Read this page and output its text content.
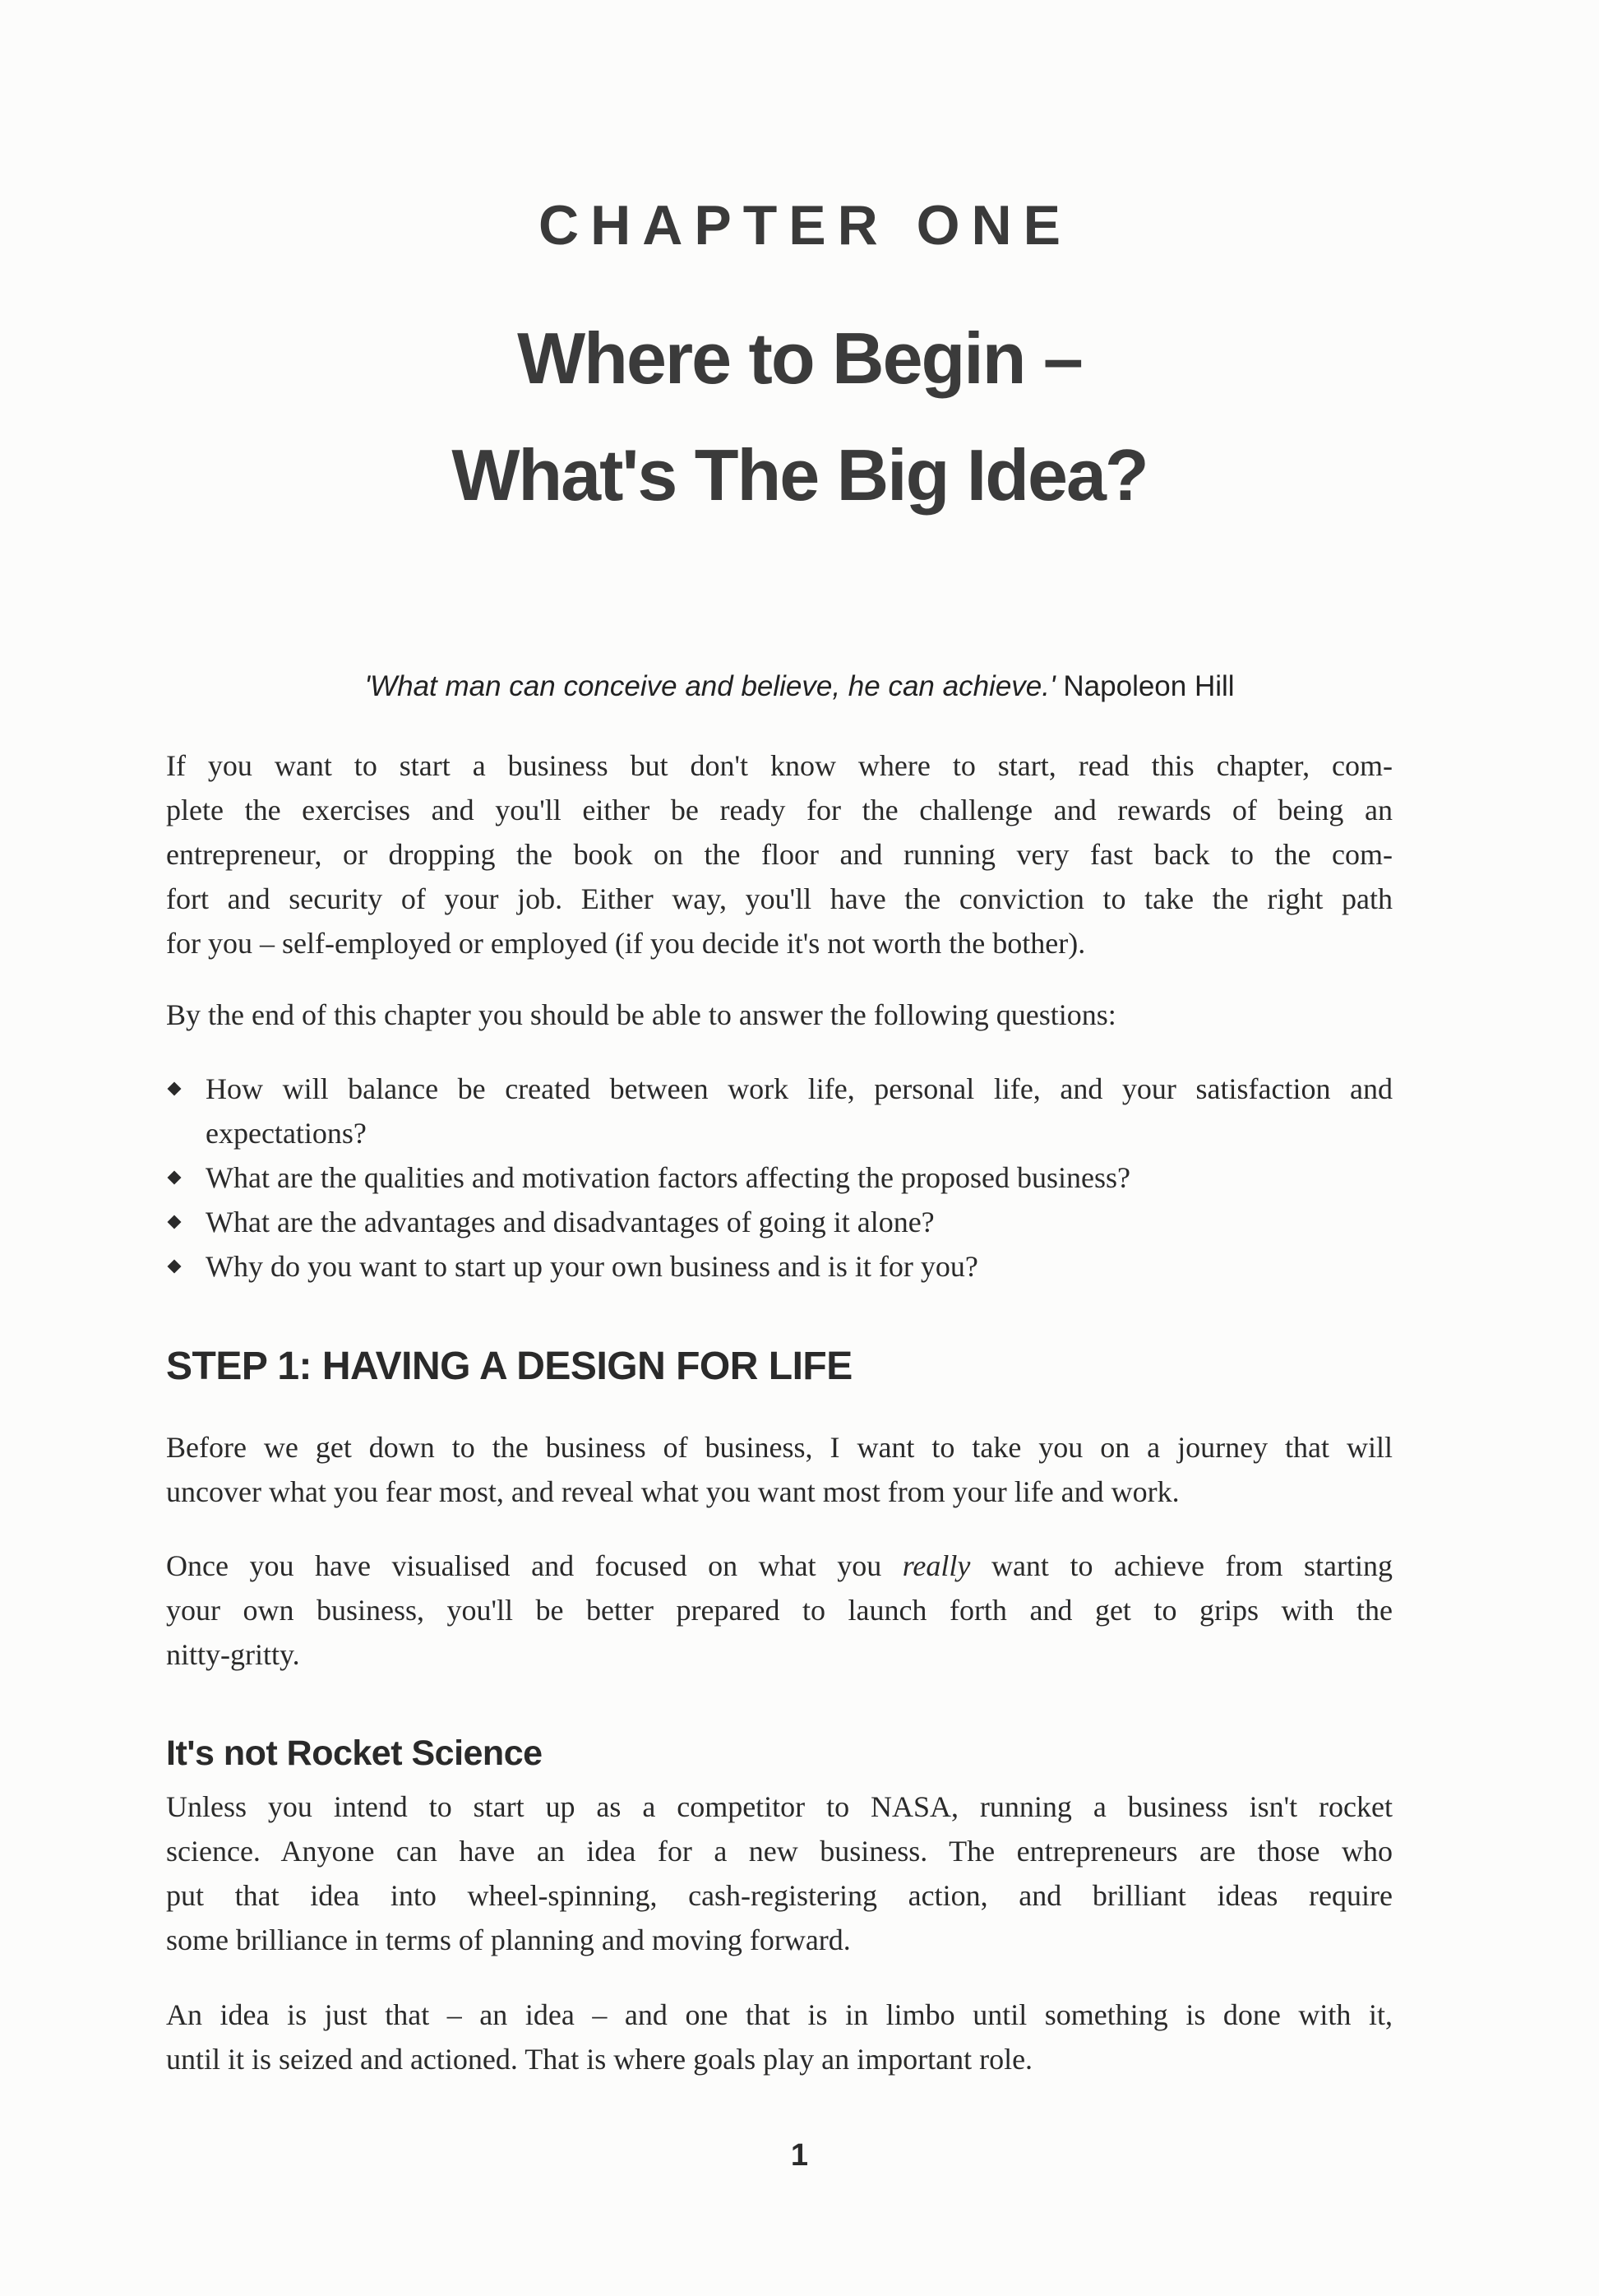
CHAPTER ONE
Where to Begin –
What's The Big Idea?
'What man can conceive and believe, he can achieve.' Napoleon Hill
If you want to start a business but don't know where to start, read this chapter, com-
plete the exercises and you'll either be ready for the challenge and rewards of being an
entrepreneur, or dropping the book on the floor and running very fast back to the com-
fort and security of your job. Either way, you'll have the conviction to take the right path
for you – self-employed or employed (if you decide it's not worth the bother).
By the end of this chapter you should be able to answer the following questions:
How will balance be created between work life, personal life, and your satisfaction and expectations?
What are the qualities and motivation factors affecting the proposed business?
What are the advantages and disadvantages of going it alone?
Why do you want to start up your own business and is it for you?
STEP 1: HAVING A DESIGN FOR LIFE
Before we get down to the business of business, I want to take you on a journey that will
uncover what you fear most, and reveal what you want most from your life and work.
Once you have visualised and focused on what you really want to achieve from starting
your own business, you'll be better prepared to launch forth and get to grips with the
nitty-gritty.
It's not Rocket Science
Unless you intend to start up as a competitor to NASA, running a business isn't rocket
science. Anyone can have an idea for a new business. The entrepreneurs are those who
put that idea into wheel-spinning, cash-registering action, and brilliant ideas require
some brilliance in terms of planning and moving forward.
An idea is just that – an idea – and one that is in limbo until something is done with it,
until it is seized and actioned. That is where goals play an important role.
1
